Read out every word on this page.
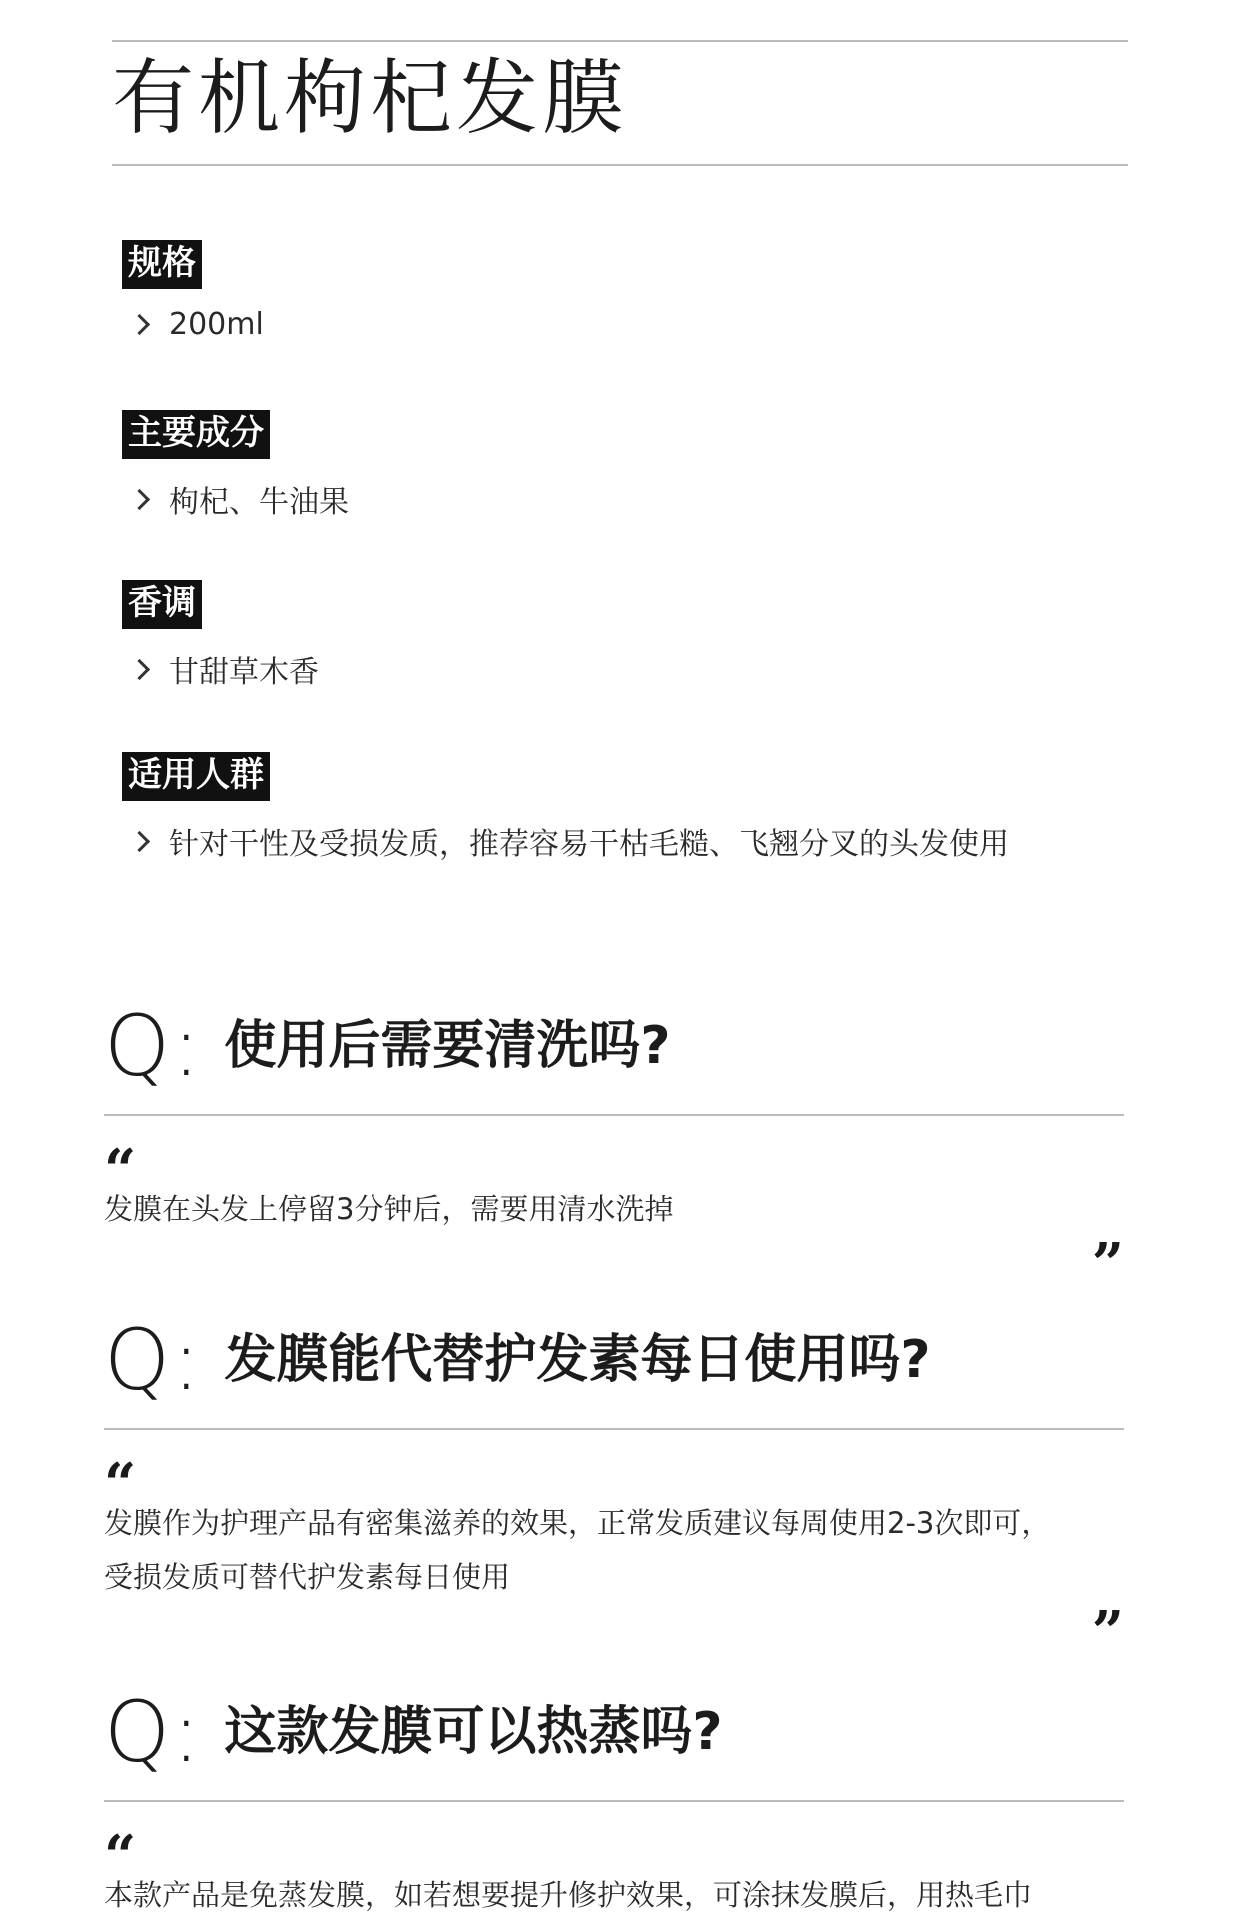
有机枸杞发膜
规格
200ml
主要成分
枸杞、牛油果
香调
甘甜草木香
适用人群
针对干性及受损发质，推荐容易干枯毛糙、飞翘分叉的头发使用
Q: 使用后需要清洗吗?
“
发膜在头发上停留3分钟后，需要用清水洗掉
”
Q: 发膜能代替护发素每日使用吗?
“
发膜作为护理产品有密集滋养的效果，正常发质建议每周使用2-3次即可，
受损发质可替代护发素每日使用
”
Q: 这款发膜可以热蒸吗?
“
本款产品是免蒸发膜，如若想要提升修护效果，可涂抹发膜后，用热毛巾
